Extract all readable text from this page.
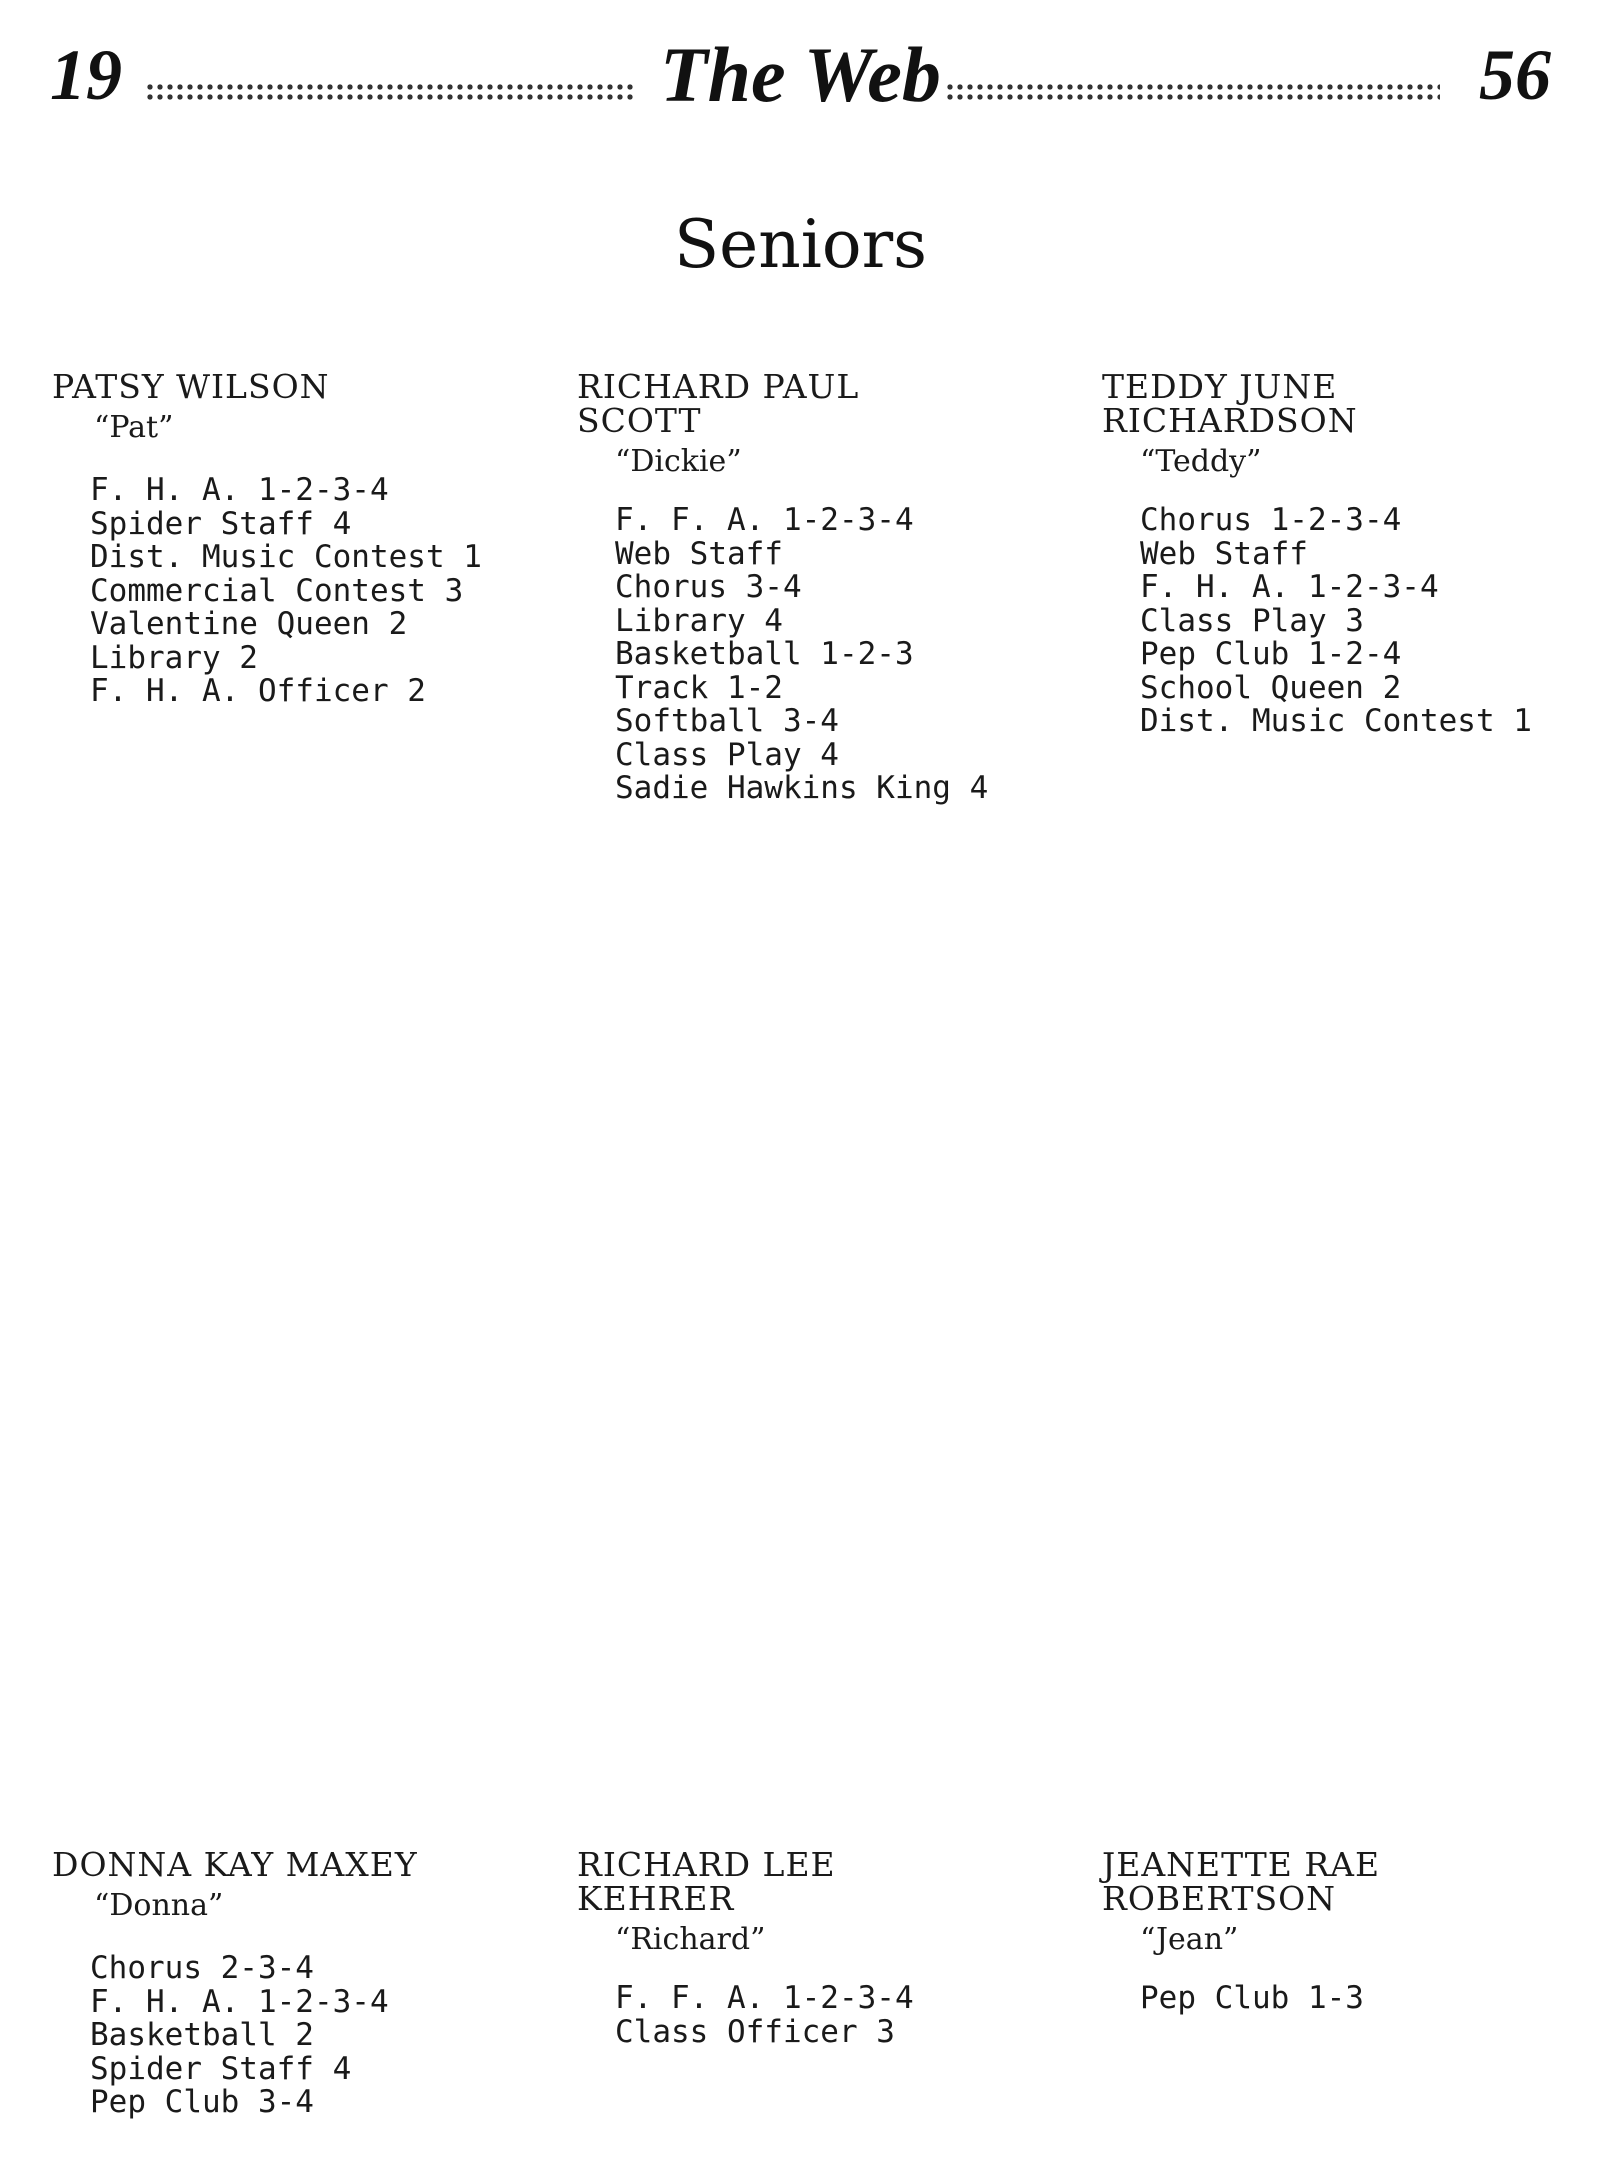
19	The Web	56
Seniors
PATSY WILSON
“Pat”
F. H. A. 1-2-3-4
Spider Staff 4
Dist. Music Contest 1
Commercial Contest 3
Valentine Queen 2
Library 2
F. H. A. Officer 2
RICHARD PAUL
SCOTT
“Dickie”
F. F. A. 1-2-3-4
Web Staff
Chorus 3-4
Library 4
Basketball 1-2-3
Track 1-2
Softball 3-4
Class Play 4
Sadie Hawkins King 4
TEDDY JUNE
RICHARDSON
“Teddy”
Chorus 1-2-3-4
Web Staff
F. H. A. 1-2-3-4
Class Play 3
Pep Club 1-2-4
School Queen 2
Dist. Music Contest 1
DONNA KAY MAXEY
“Donna”
Chorus 2-3-4
F. H. A. 1-2-3-4
Basketball 2
Spider Staff 4
Pep Club 3-4
RICHARD LEE
KEHRER
“Richard”
F. F. A. 1-2-3-4
Class Officer 3
JEANETTE RAE
ROBERTSON
“Jean”
Pep Club 1-3
